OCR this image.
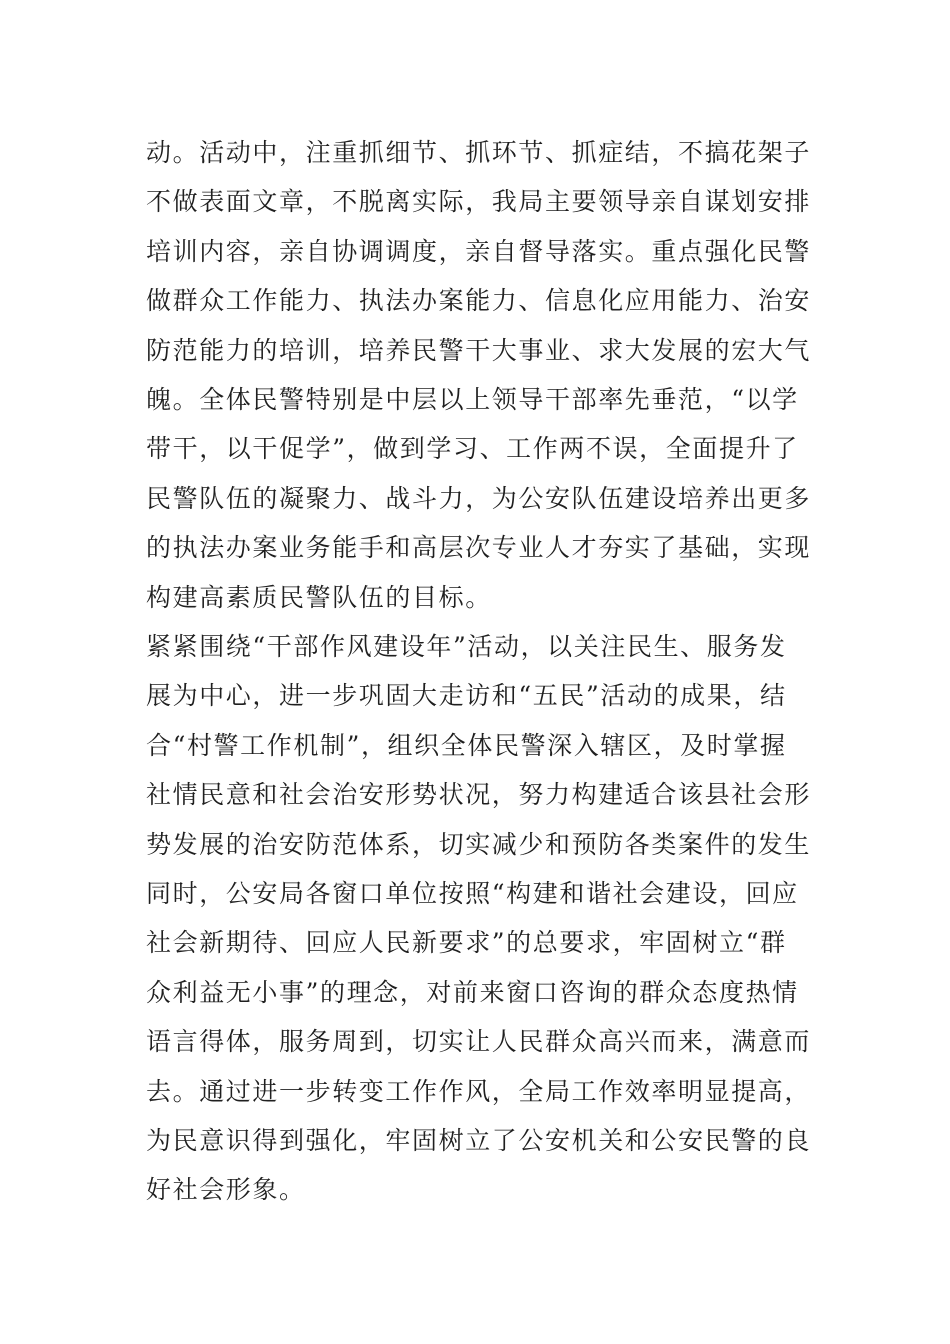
动。活动中，注重抓细节、抓环节、抓症结，不搞花架子
不做表面文章，不脱离实际，我局主要领导亲自谋划安排
培训内容，亲自协调调度，亲自督导落实。重点强化民警
做群众工作能力、执法办案能力、信息化应用能力、治安
防范能力的培训，培养民警干大事业、求大发展的宏大气
魄。全体民警特别是中层以上领导干部率先垂范，“以学
带干，以干促学”，做到学习、工作两不误，全面提升了
民警队伍的凝聚力、战斗力，为公安队伍建设培养出更多
的执法办案业务能手和高层次专业人才夯实了基础，实现
构建高素质民警队伍的目标。
紧紧围绕“干部作风建设年”活动，以关注民生、服务发
展为中心，进一步巩固大走访和“五民”活动的成果，结
合“村警工作机制”，组织全体民警深入辖区，及时掌握
社情民意和社会治安形势状况，努力构建适合该县社会形
势发展的治安防范体系，切实减少和预防各类案件的发生
同时，公安局各窗口单位按照“构建和谐社会建设，回应
社会新期待、回应人民新要求”的总要求，牢固树立“群
众利益无小事”的理念，对前来窗口咨询的群众态度热情
语言得体，服务周到，切实让人民群众高兴而来，满意而
去。通过进一步转变工作作风，全局工作效率明显提高，
为民意识得到强化，牢固树立了公安机关和公安民警的良
好社会形象。
